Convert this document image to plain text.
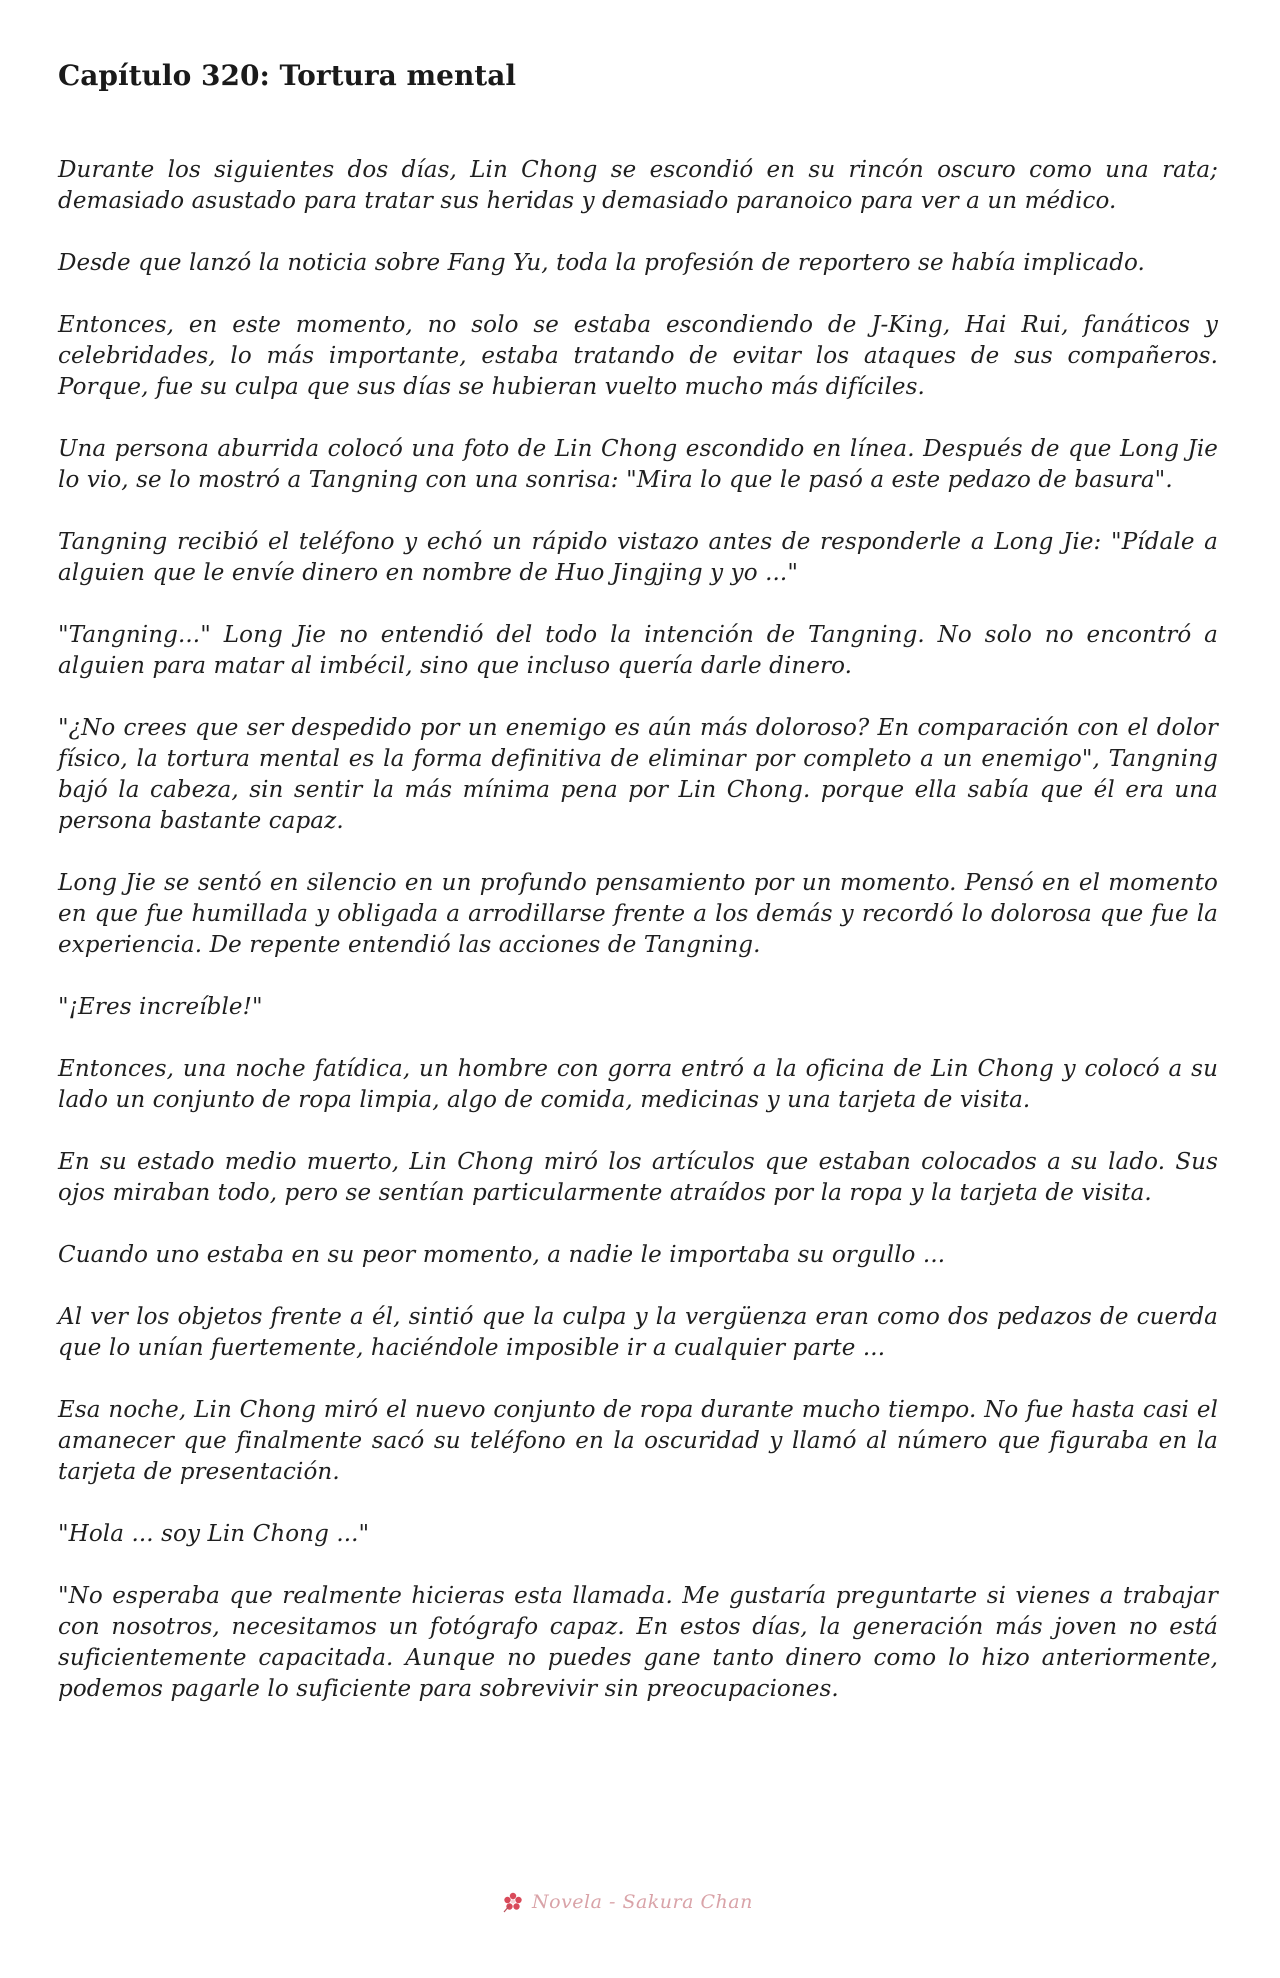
Capítulo 320: Tortura mental

Durante los siguientes dos días, Lin Chong se escondió en su rincón oscuro como una rata; demasiado asustado para tratar sus heridas y demasiado paranoico para ver a un médico.

Desde que lanzó la noticia sobre Fang Yu, toda la profesión de reportero se había implicado.

Entonces, en este momento, no solo se estaba escondiendo de J-King, Hai Rui, fanáticos y celebridades, lo más importante, estaba tratando de evitar los ataques de sus compañeros. Porque, fue su culpa que sus días se hubieran vuelto mucho más difíciles.

Una persona aburrida colocó una foto de Lin Chong escondido en línea. Después de que Long Jie lo vio, se lo mostró a Tangning con una sonrisa: "Mira lo que le pasó a este pedazo de basura".

Tangning recibió el teléfono y echó un rápido vistazo antes de responderle a Long Jie: "Pídale a alguien que le envíe dinero en nombre de Huo Jingjing y yo ..."

"Tangning..." Long Jie no entendió del todo la intención de Tangning. No solo no encontró a alguien para matar al imbécil, sino que incluso quería darle dinero.

"¿No crees que ser despedido por un enemigo es aún más doloroso? En comparación con el dolor físico, la tortura mental es la forma definitiva de eliminar por completo a un enemigo", Tangning bajó la cabeza, sin sentir la más mínima pena por Lin Chong. porque ella sabía que él era una persona bastante capaz.

Long Jie se sentó en silencio en un profundo pensamiento por un momento. Pensó en el momento en que fue humillada y obligada a arrodillarse frente a los demás y recordó lo dolorosa que fue la experiencia. De repente entendió las acciones de Tangning.

"¡Eres increíble!"

Entonces, una noche fatídica, un hombre con gorra entró a la oficina de Lin Chong y colocó a su lado un conjunto de ropa limpia, algo de comida, medicinas y una tarjeta de visita.

En su estado medio muerto, Lin Chong miró los artículos que estaban colocados a su lado. Sus ojos miraban todo, pero se sentían particularmente atraídos por la ropa y la tarjeta de visita.

Cuando uno estaba en su peor momento, a nadie le importaba su orgullo ...

Al ver los objetos frente a él, sintió que la culpa y la vergüenza eran como dos pedazos de cuerda que lo unían fuertemente, haciéndole imposible ir a cualquier parte ...

Esa noche, Lin Chong miró el nuevo conjunto de ropa durante mucho tiempo. No fue hasta casi el amanecer que finalmente sacó su teléfono en la oscuridad y llamó al número que figuraba en la tarjeta de presentación.

"Hola ... soy Lin Chong ..."

"No esperaba que realmente hicieras esta llamada. Me gustaría preguntarte si vienes a trabajar con nosotros, necesitamos un fotógrafo capaz. En estos días, la generación más joven no está suficientemente capacitada. Aunque no puedes gane tanto dinero como lo hizo anteriormente, podemos pagarle lo suficiente para sobrevivir sin preocupaciones.

Novela - Sakura Chan
